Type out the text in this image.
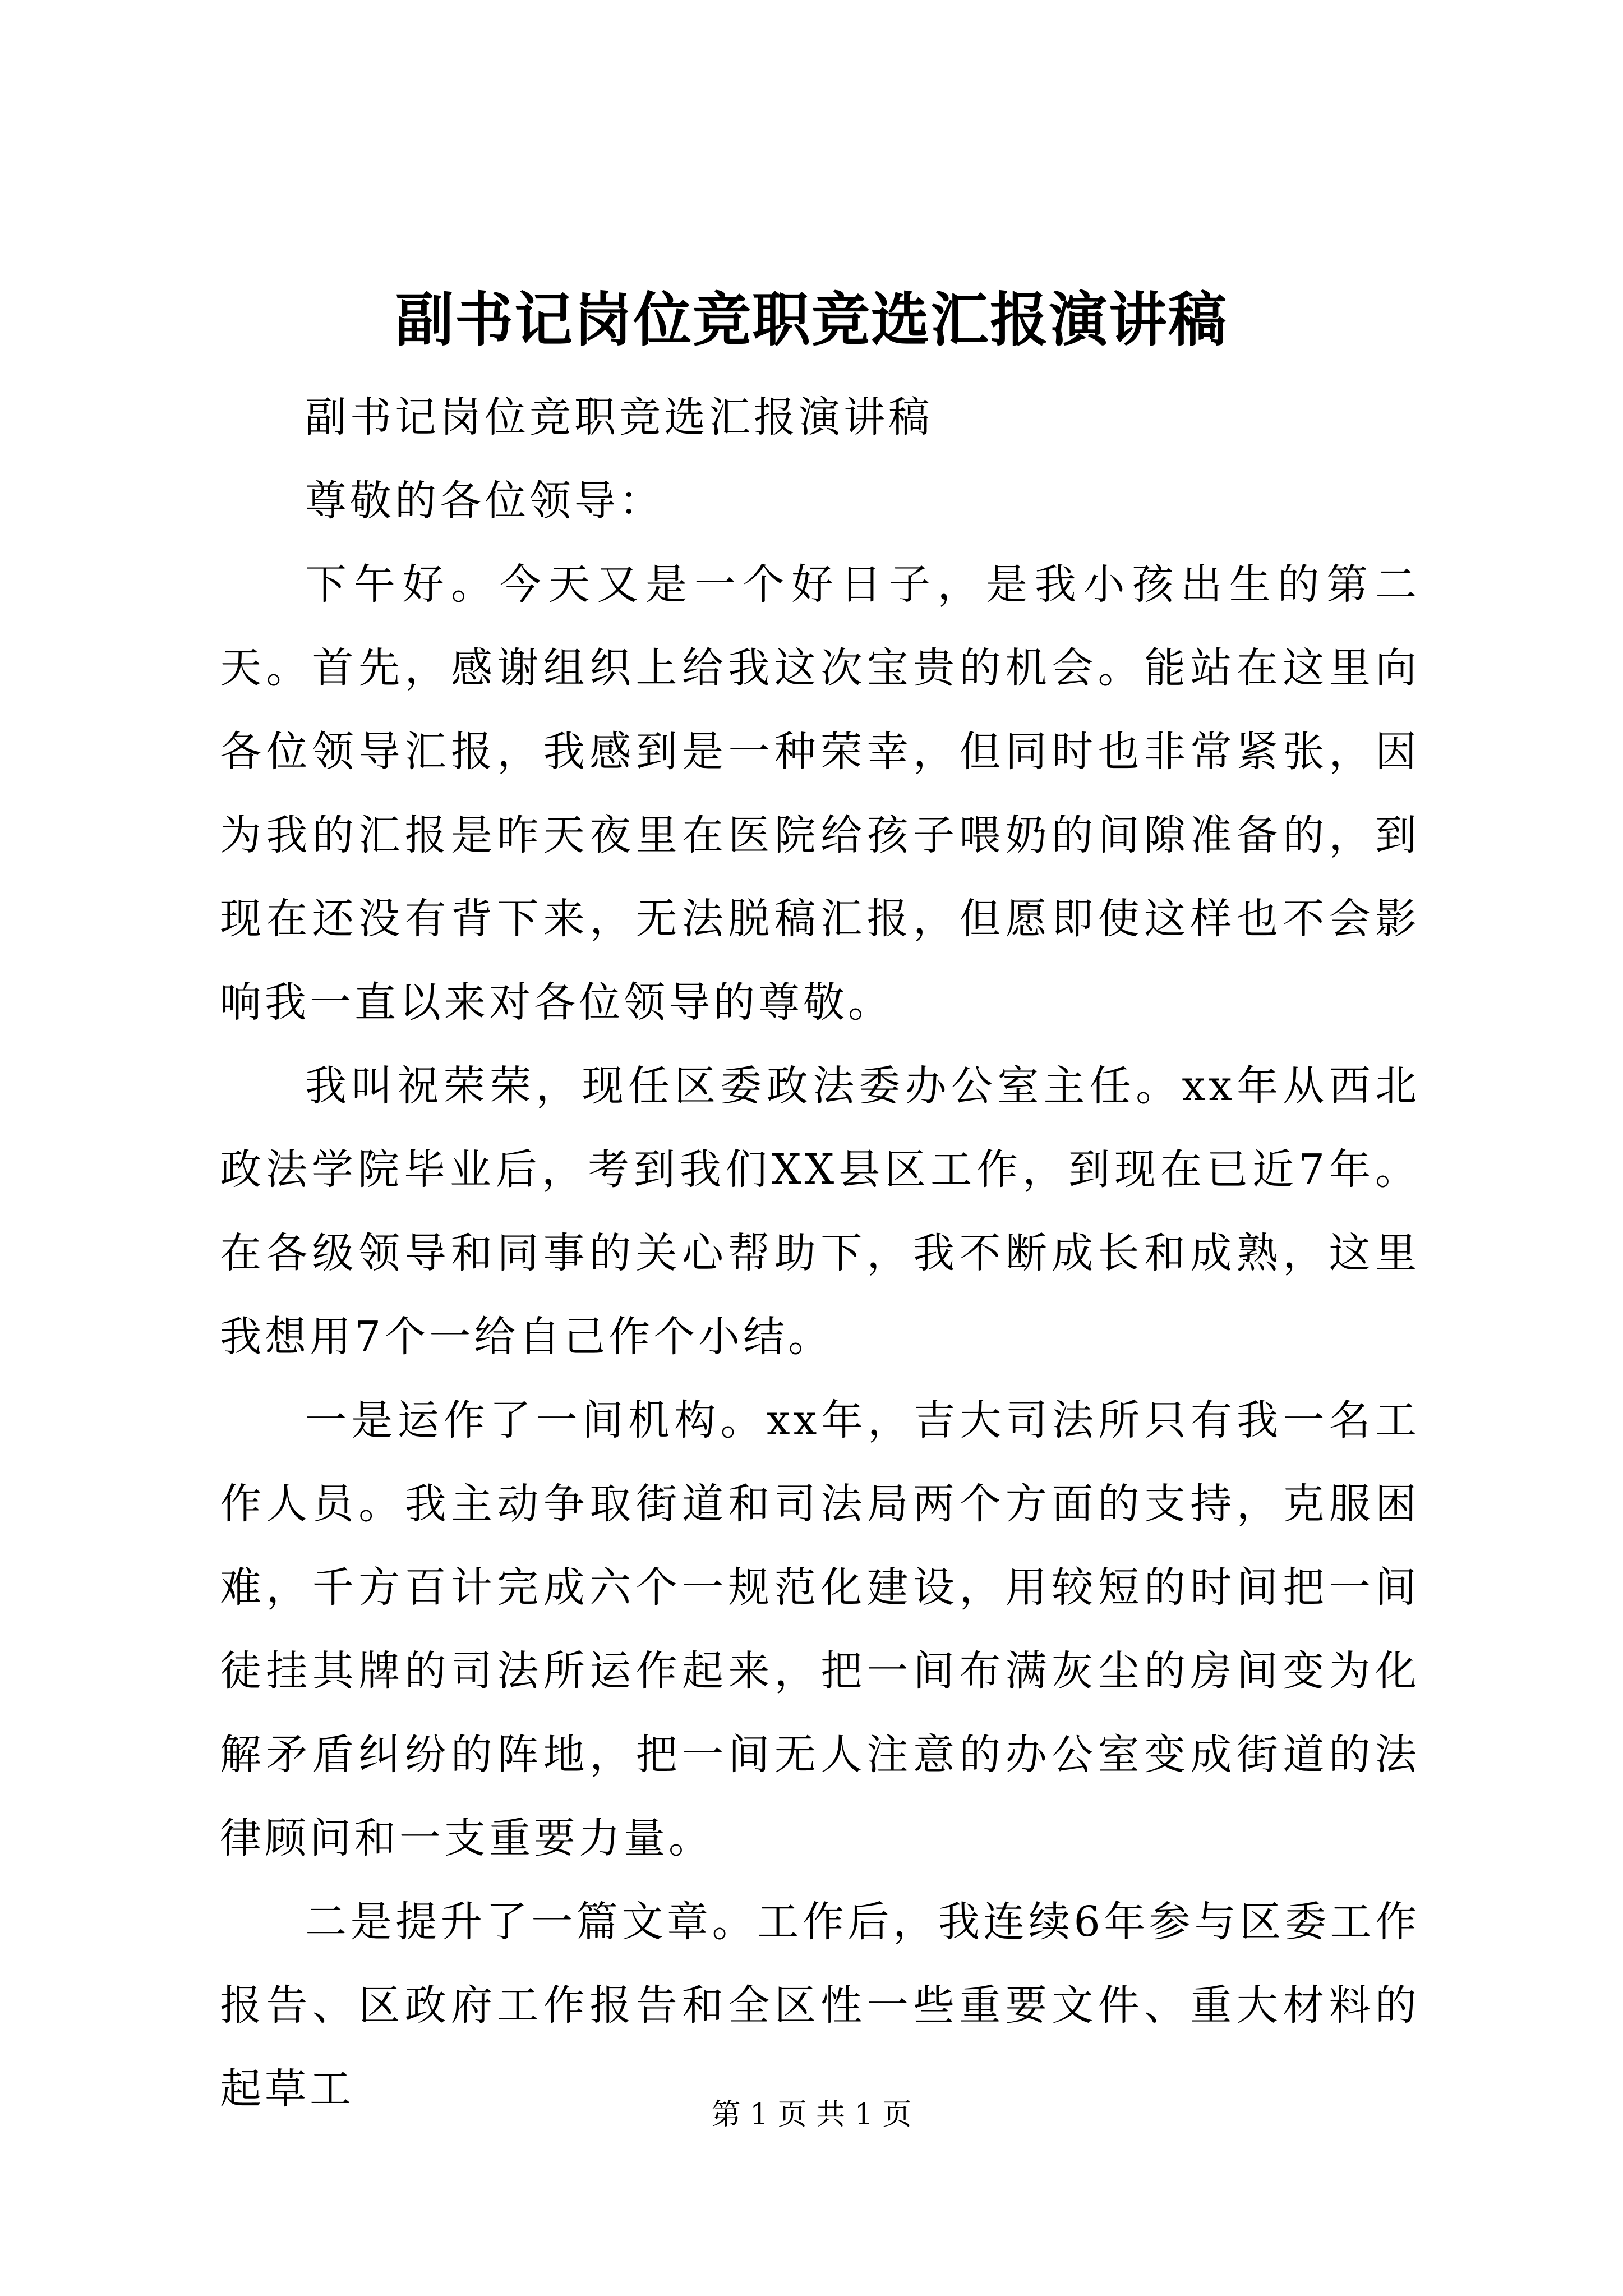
副书记岗位竞职竞选汇报演讲稿

副书记岗位竞职竞选汇报演讲稿

尊敬的各位领导：

下午好。今天又是一个好日子，是我小孩出生的第二天。首先，感谢组织上给我这次宝贵的机会。能站在这里向各位领导汇报，我感到是一种荣幸，但同时也非常紧张，因为我的汇报是昨天夜里在医院给孩子喂奶的间隙准备的，到现在还没有背下来，无法脱稿汇报，但愿即使这样也不会影响我一直以来对各位领导的尊敬。

我叫祝荣荣，现任区委政法委办公室主任。xx年从西北政法学院毕业后，考到我们XX县区工作，到现在已近7年。在各级领导和同事的关心帮助下，我不断成长和成熟，这里我想用7个一给自己作个小结。

一是运作了一间机构。xx年，吉大司法所只有我一名工作人员。我主动争取街道和司法局两个方面的支持，克服困难，千方百计完成六个一规范化建设，用较短的时间把一间徒挂其牌的司法所运作起来，把一间布满灰尘的房间变为化解矛盾纠纷的阵地，把一间无人注意的办公室变成街道的法律顾问和一支重要力量。

二是提升了一篇文章。工作后，我连续6年参与区委工作报告、区政府工作报告和全区性一些重要文件、重大材料的起草工

第 1 页 共 1 页
